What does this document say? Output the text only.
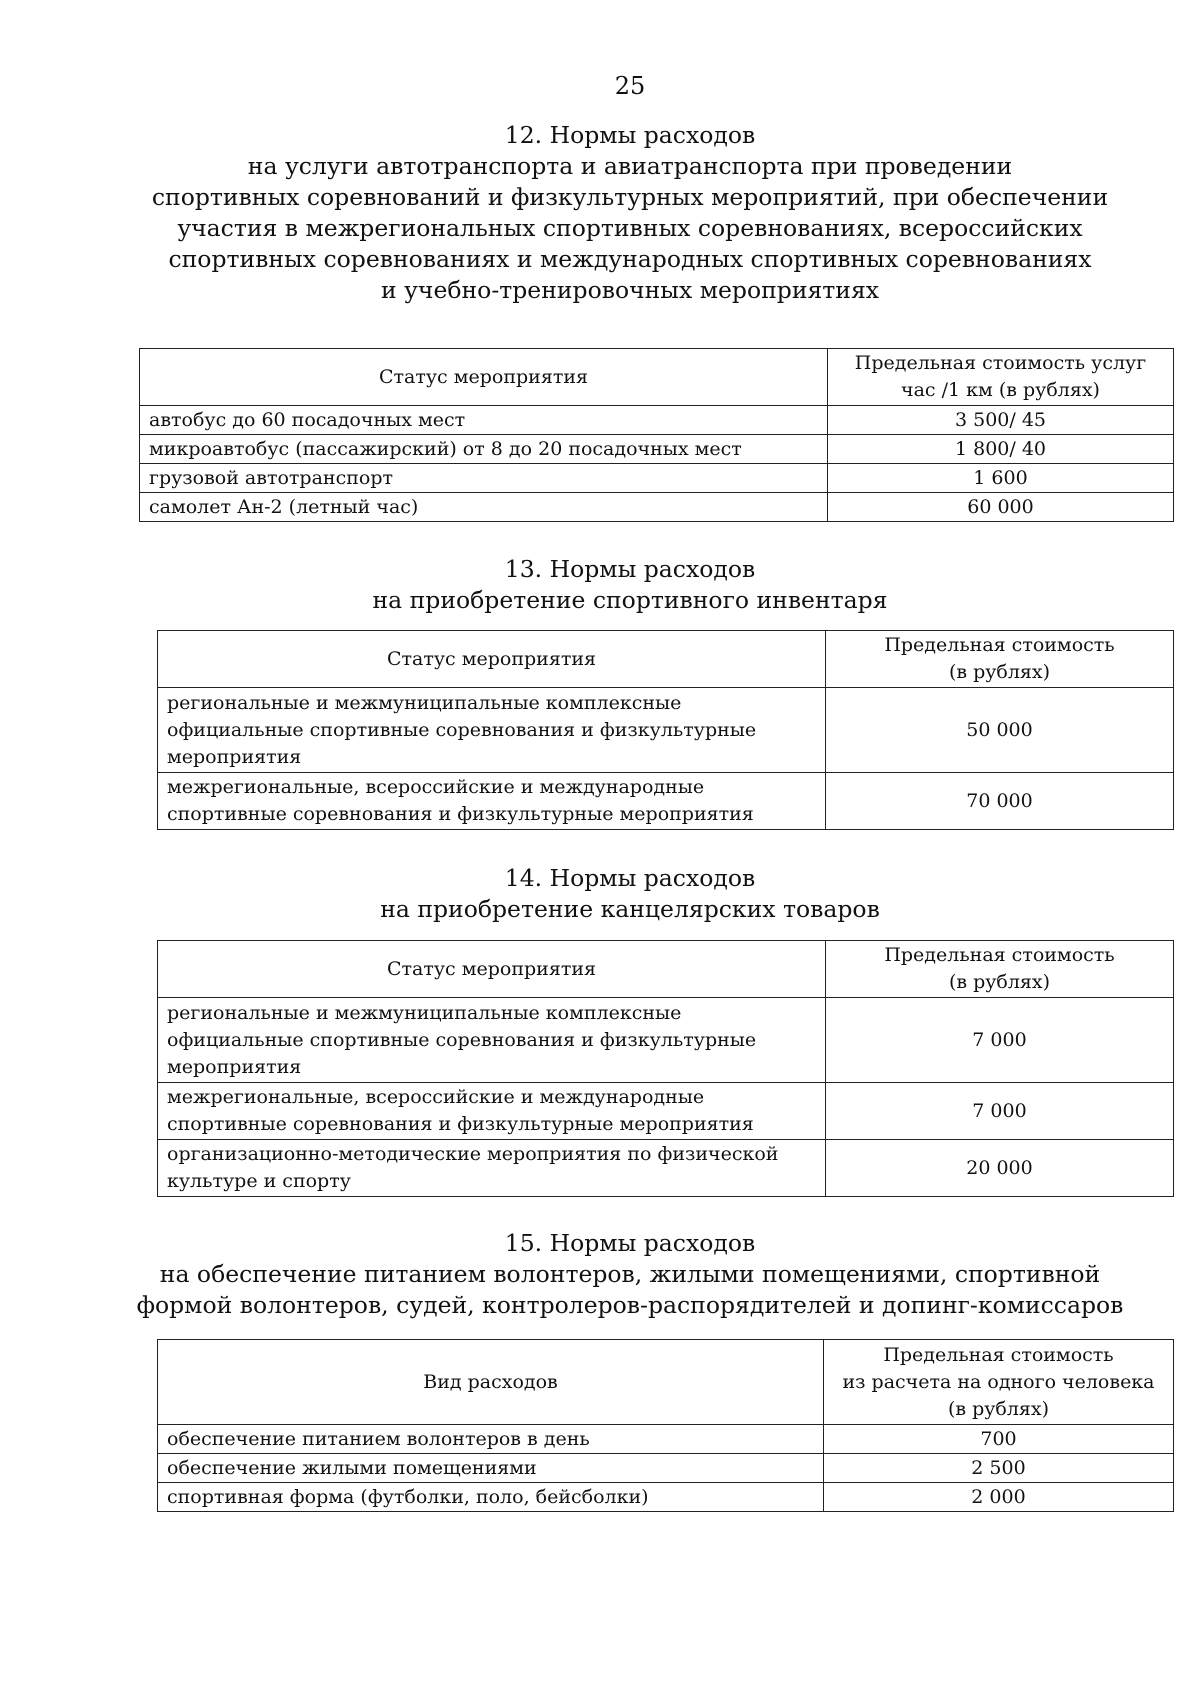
25
12. Нормы расходов
на услуги автотранспорта и авиатранспорта при проведении
спортивных соревнований и физкультурных мероприятий, при обеспечении
участия в межрегиональных спортивных соревнованиях, всероссийских
спортивных соревнованиях и международных спортивных соревнованиях
и учебно-тренировочных мероприятиях
Статус мероприятия	Предельная стоимость услуг
час /1 км (в рублях)

автобус до 60 посадочных мест	3 500/ 45
микроавтобус (пассажирский) от 8 до 20 посадочных мест	1 800/ 40
грузовой автотранспорт	1 600
самолет Ан-2 (летный час)	60 000
13. Нормы расходов
на приобретение спортивного инвентаря
Статус мероприятия	Предельная стоимость
(в рублях)

региональные и межмуниципальные комплексные
официальные спортивные соревнования и физкультурные
мероприятия	50 000

межрегиональные, всероссийские и международные
спортивные соревнования и физкультурные мероприятия	70 000
14. Нормы расходов
на приобретение канцелярских товаров
Статус мероприятия	Предельная стоимость
(в рублях)

региональные и межмуниципальные комплексные
официальные спортивные соревнования и физкультурные
мероприятия	7 000

межрегиональные, всероссийские и международные
спортивные соревнования и физкультурные мероприятия	7 000

организационно-методические мероприятия по физической
культуре и спорту	20 000
15. Нормы расходов
на обеспечение питанием волонтеров, жилыми помещениями, спортивной
формой волонтеров, судей, контролеров-распорядителей и допинг-комиссаров
Вид расходов	Предельная стоимость
из расчета на одного человека
(в рублях)

обеспечение питанием волонтеров в день	700
обеспечение жилыми помещениями	2 500
спортивная форма (футболки, поло, бейсболки)	2 000
